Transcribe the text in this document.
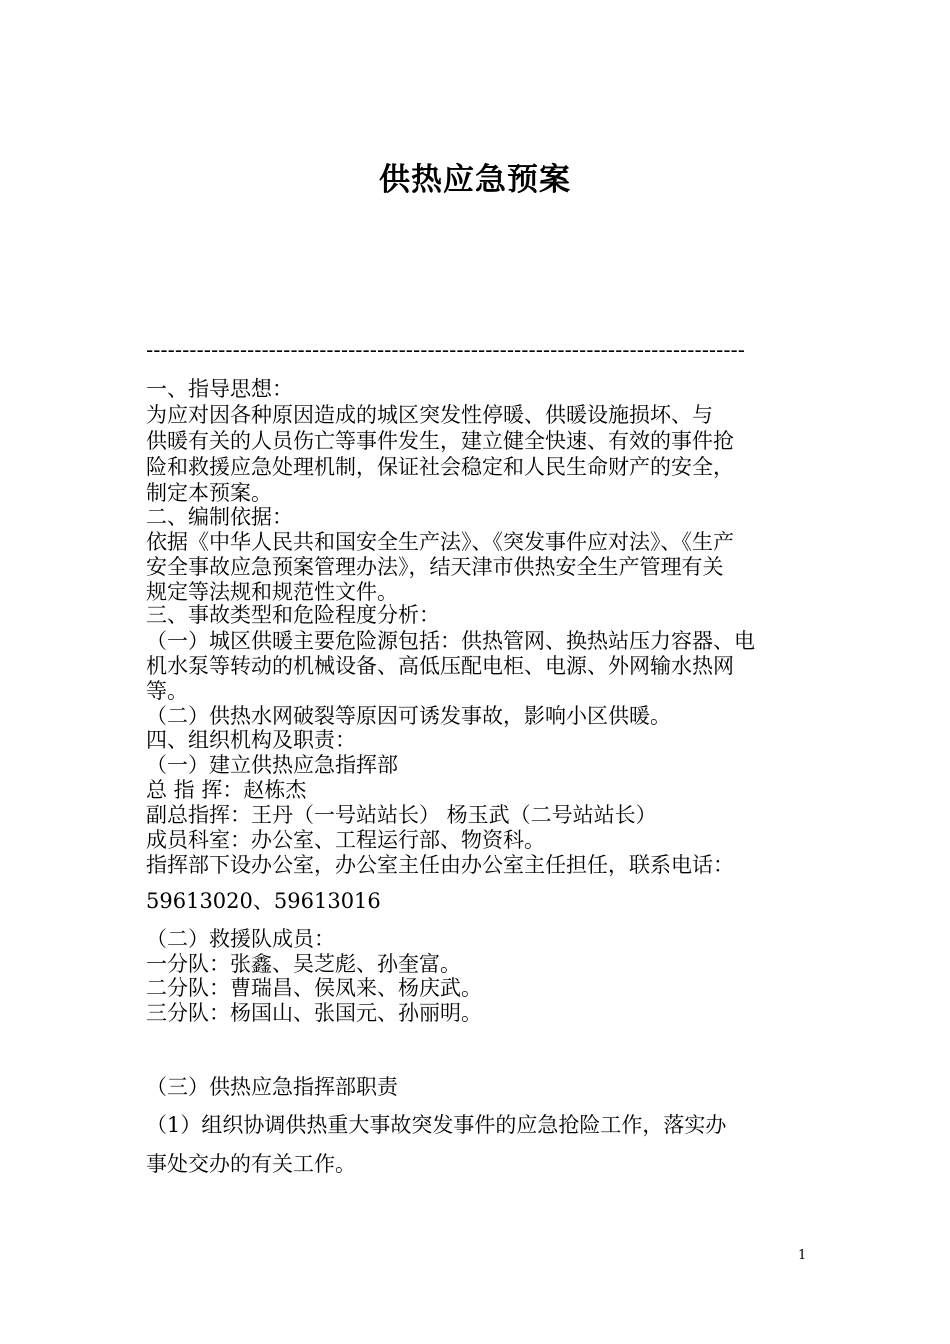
供热应急预案
-----------------------------------------------------------------------------------
一、指导思想：
为应对因各种原因造成的城区突发性停暖、供暖设施损坏、与
供暖有关的人员伤亡等事件发生，建立健全快速、有效的事件抢
险和救援应急处理机制，保证社会稳定和人民生命财产的安全，
制定本预案。
二、编制依据：
依据《中华人民共和国安全生产法》、《突发事件应对法》、《生产
安全事故应急预案管理办法》，结天津市供热安全生产管理有关
规定等法规和规范性文件。
三、事故类型和危险程度分析：
（一）城区供暖主要危险源包括：供热管网、换热站压力容器、电
机水泵等转动的机械设备、高低压配电柜、电源、外网输水热网
等。
（二）供热水网破裂等原因可诱发事故，影响小区供暖。
四、组织机构及职责：
（一）建立供热应急指挥部
总 指 挥：赵栋杰
副总指挥：王丹（一号站站长） 杨玉武（二号站站长）
成员科室：办公室、工程运行部、物资科。
指挥部下设办公室，办公室主任由办公室主任担任，联系电话：
59613020、59613016
（二）救援队成员：
一分队：张鑫、吴芝彪、孙奎富。
二分队：曹瑞昌、侯凤来、杨庆武。
三分队：杨国山、张国元、孙丽明。
（三）供热应急指挥部职责
（1）组织协调供热重大事故突发事件的应急抢险工作，落实办
事处交办的有关工作。
1
